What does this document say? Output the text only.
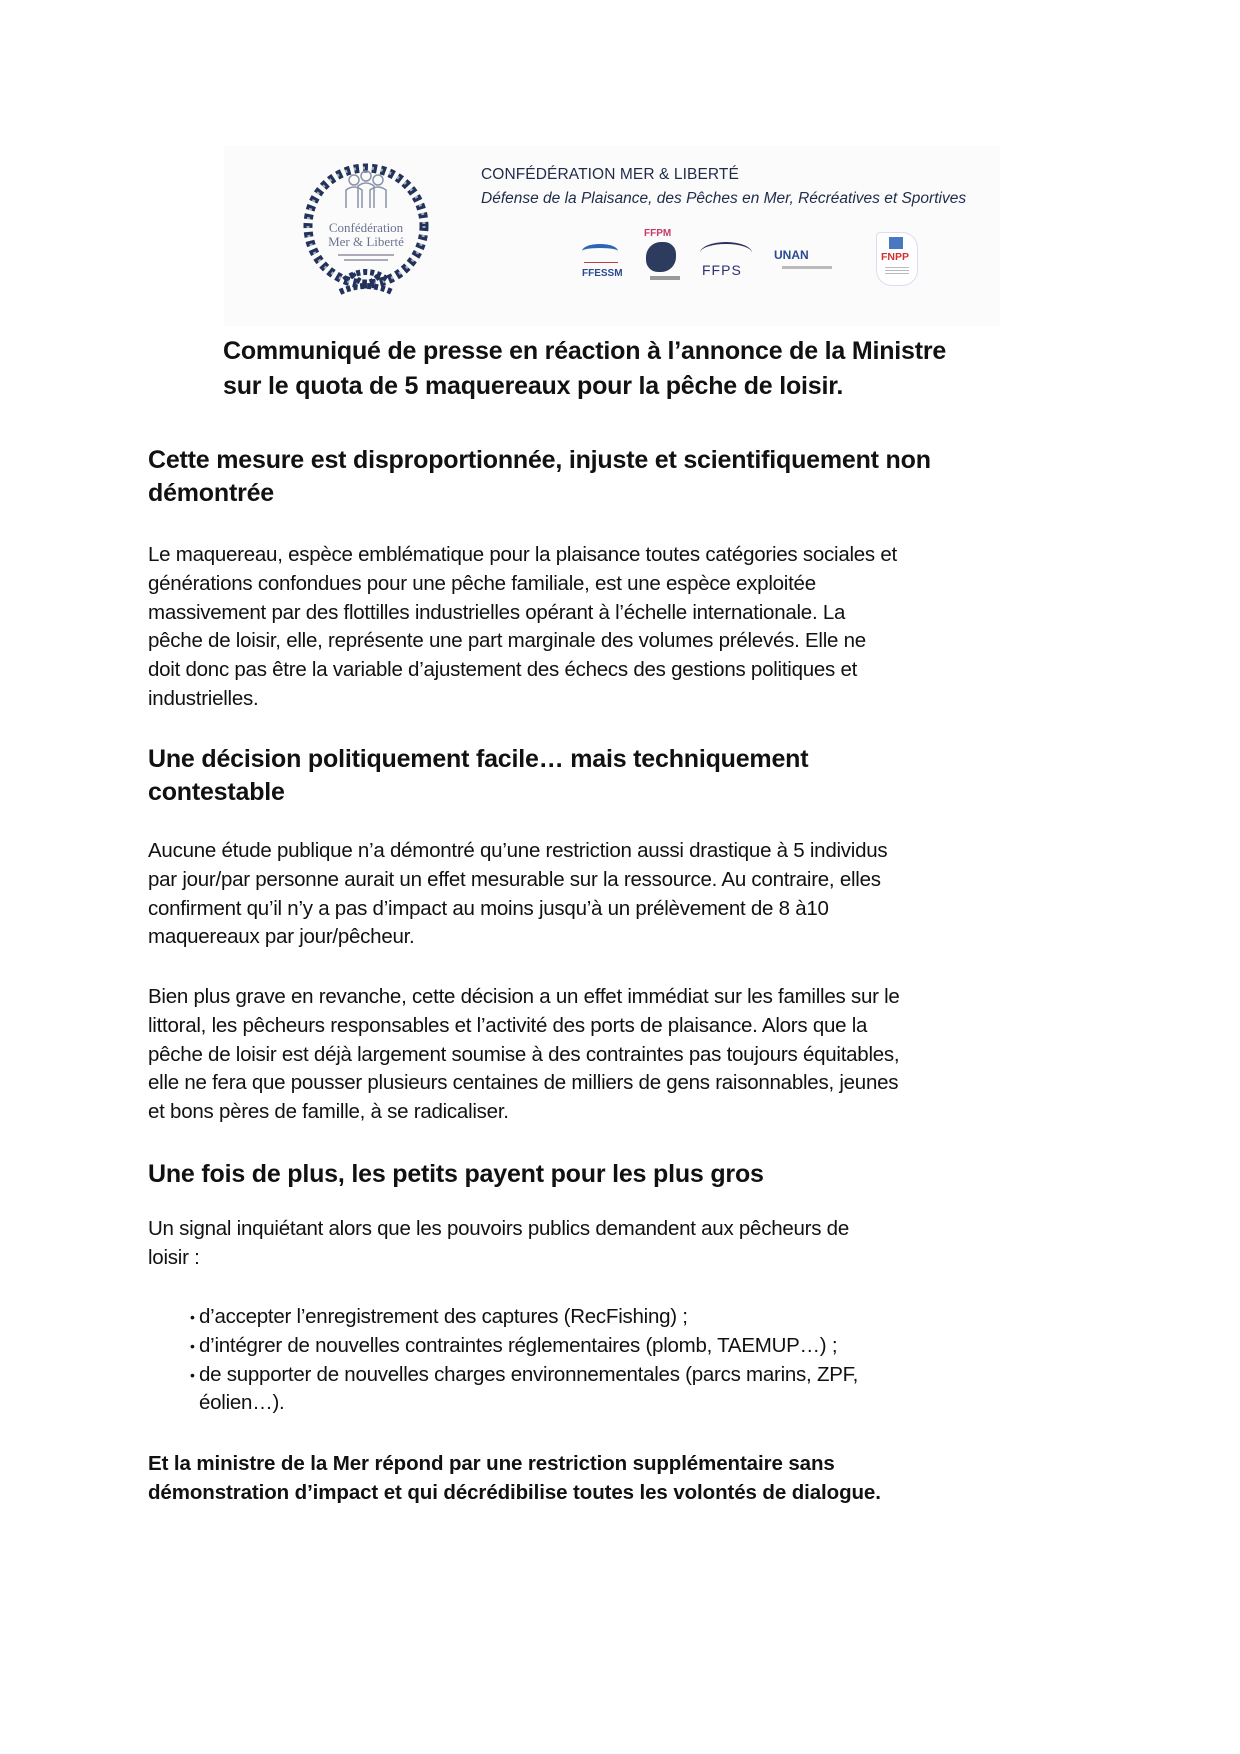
Confédération
Mer & Liberté
CONFÉDÉRATION MER & LIBERTÉ
Défense de la Plaisance, des Pêches en Mer, Récréatives et Sportives
FFESSM
FFPM
FFPS
UNAN	FNPP
Communiqué de presse en réaction à l’annonce de la Ministre
sur le quota de 5 maquereaux pour la pêche de loisir.
Cette mesure est disproportionnée, injuste et scientifiquement non
démontrée
Le maquereau, espèce emblématique pour la plaisance toutes catégories sociales et
générations confondues pour une pêche familiale, est une espèce exploitée
massivement par des flottilles industrielles opérant à l’échelle internationale. La
pêche de loisir, elle, représente une part marginale des volumes prélevés. Elle ne
doit donc pas être la variable d’ajustement des échecs des gestions politiques et
industrielles.
Une décision politiquement facile… mais techniquement
contestable
Aucune étude publique n’a démontré qu’une restriction aussi drastique à 5 individus
par jour/par personne aurait un effet mesurable sur la ressource. Au contraire, elles
confirment qu’il n’y a pas d’impact au moins jusqu’à un prélèvement de 8 à10
maquereaux par jour/pêcheur.
Bien plus grave en revanche, cette décision a un effet immédiat sur les familles sur le
littoral, les pêcheurs responsables et l’activité des ports de plaisance. Alors que la
pêche de loisir est déjà largement soumise à des contraintes pas toujours équitables,
elle ne fera que pousser plusieurs centaines de milliers de gens raisonnables, jeunes
et bons pères de famille, à se radicaliser.
Une fois de plus, les petits payent pour les plus gros
Un signal inquiétant alors que les pouvoirs publics demandent aux pêcheurs de
loisir :
• d’accepter l’enregistrement des captures (RecFishing) ;
• d’intégrer de nouvelles contraintes réglementaires (plomb, TAEMUP…) ;
• de supporter de nouvelles charges environnementales (parcs marins, ZPF,
éolien…).
Et la ministre de la Mer répond par une restriction supplémentaire sans
démonstration d’impact et qui décrédibilise toutes les volontés de dialogue.
